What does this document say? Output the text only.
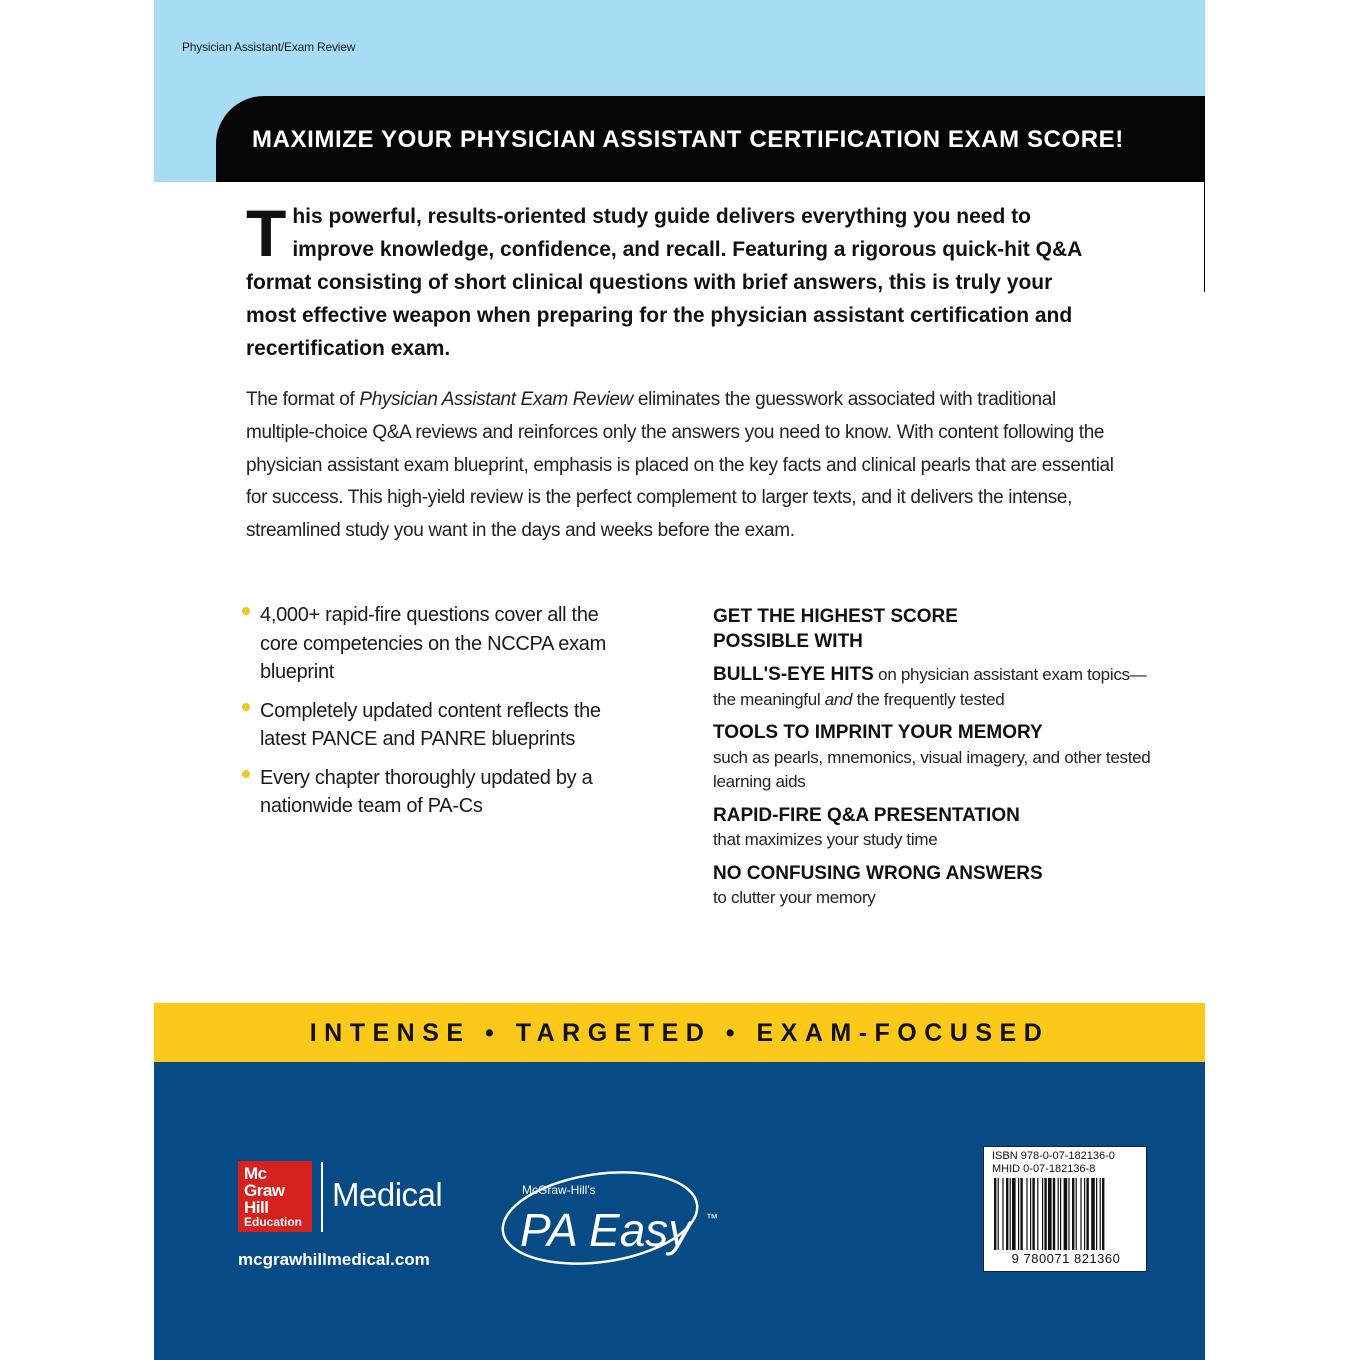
Physician Assistant/Exam Review
MAXIMIZE YOUR PHYSICIAN ASSISTANT CERTIFICATION EXAM SCORE!
This powerful, results-oriented study guide delivers everything you need to improve knowledge, confidence, and recall. Featuring a rigorous quick-hit Q&A format consisting of short clinical questions with brief answers, this is truly your most effective weapon when preparing for the physician assistant certification and recertification exam.
The format of Physician Assistant Exam Review eliminates the guesswork associated with traditional multiple-choice Q&A reviews and reinforces only the answers you need to know. With content following the physician assistant exam blueprint, emphasis is placed on the key facts and clinical pearls that are essential for success. This high-yield review is the perfect complement to larger texts, and it delivers the intense, streamlined study you want in the days and weeks before the exam.
4,000+ rapid-fire questions cover all the core competencies on the NCCPA exam blueprint
Completely updated content reflects the latest PANCE and PANRE blueprints
Every chapter thoroughly updated by a nationwide team of PA-Cs
GET THE HIGHEST SCORE
POSSIBLE WITH
BULL'S-EYE HITS on physician assistant exam topics—the meaningful and the frequently tested
TOOLS TO IMPRINT YOUR MEMORY
such as pearls, mnemonics, visual imagery, and other tested learning aids
RAPID-FIRE Q&A PRESENTATION
that maximizes your study time
NO CONFUSING WRONG ANSWERS
to clutter your memory
INTENSE • TARGETED • EXAM-FOCUSED
Mc
Graw
Hill
Education
Medical
mcgrawhillmedical.com
McGraw-Hill's
PA Easy ™
ISBN 978-0-07-182136-0
MHID 0-07-182136-8
9 780071 821360
